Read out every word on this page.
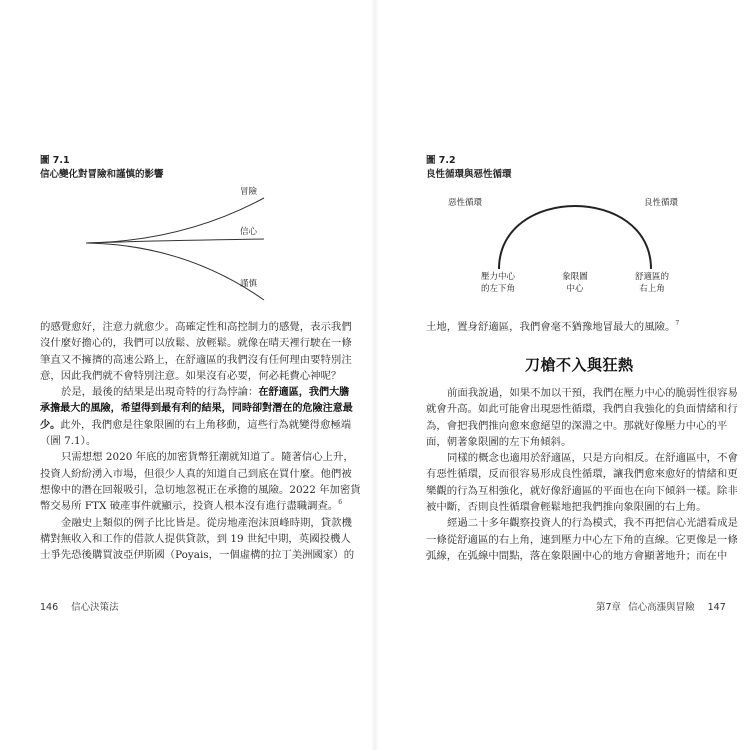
圖 7.1
信心變化對冒險和謹慎的影響
冒險
信心
謹慎
的感覺愈好，注意力就愈少。高確定性和高控制力的感覺，表示我們
沒什麼好擔心的，我們可以放鬆、放輕鬆。就像在晴天裡行駛在一條
筆直又不擁擠的高速公路上，在舒適區的我們沒有任何理由要特別注
意，因此我們就不會特別注意。如果沒有必要，何必耗費心神呢？
於是，最後的結果是出現奇特的行為悖論：在舒適區，我們大膽
承擔最大的風險，希望得到最有利的結果，同時卻對潛在的危險注意最
少。此外，我們愈是往象限圖的右上角移動，這些行為就變得愈極端
（圖 7.1）。
只需想想 2020 年底的加密貨幣狂潮就知道了。隨著信心上升，
投資人紛紛湧入市場，但很少人真的知道自己到底在買什麼。他們被
想像中的潛在回報吸引，急切地忽視正在承擔的風險。2022 年加密貨
幣交易所 FTX 破產事件就顯示，投資人根本沒有進行盡職調查。$^6$
金融史上類似的例子比比皆是。從房地產泡沫頂峰時期，貸款機
構對無收入和工作的借款人提供貸款，到 19 世紀中期，英國投機人
士爭先恐後購買波亞伊斯國（Poyais，一個虛構的拉丁美洲國家）的
146 信心決策法
圖 7.2
良性循環與惡性循環
惡性循環	良性循環
壓力中心
的左下角
象限圖
中心
舒適區的
右上角
土地，置身舒適區，我們會毫不猶豫地冒最大的風險。$^7$
刀槍不入與狂熱
前面我說過，如果不加以干預，我們在壓力中心的脆弱性很容易
就會升高。如此可能會出現惡性循環，我們自我強化的負面情緒和行
為，會把我們推向愈來愈絕望的深淵之中。那就好像壓力中心的平
面，朝著象限圖的左下角傾斜。
同樣的概念也適用於舒適區，只是方向相反。在舒適區中，不會
有惡性循環，反而很容易形成良性循環，讓我們愈來愈好的情緒和更
樂觀的行為互相強化，就好像舒適區的平面也在向下傾斜一樣。除非
被中斷，否則良性循環會輕鬆地把我們推向象限圖的右上角。
經過二十多年觀察投資人的行為模式，我不再把信心光譜看成是
一條從舒適區的右上角，連到壓力中心左下角的直線。它更像是一條
弧線，在弧線中間點，落在象限圖中心的地方會顯著地升；而在中
第7章 信心高漲與冒險 147
